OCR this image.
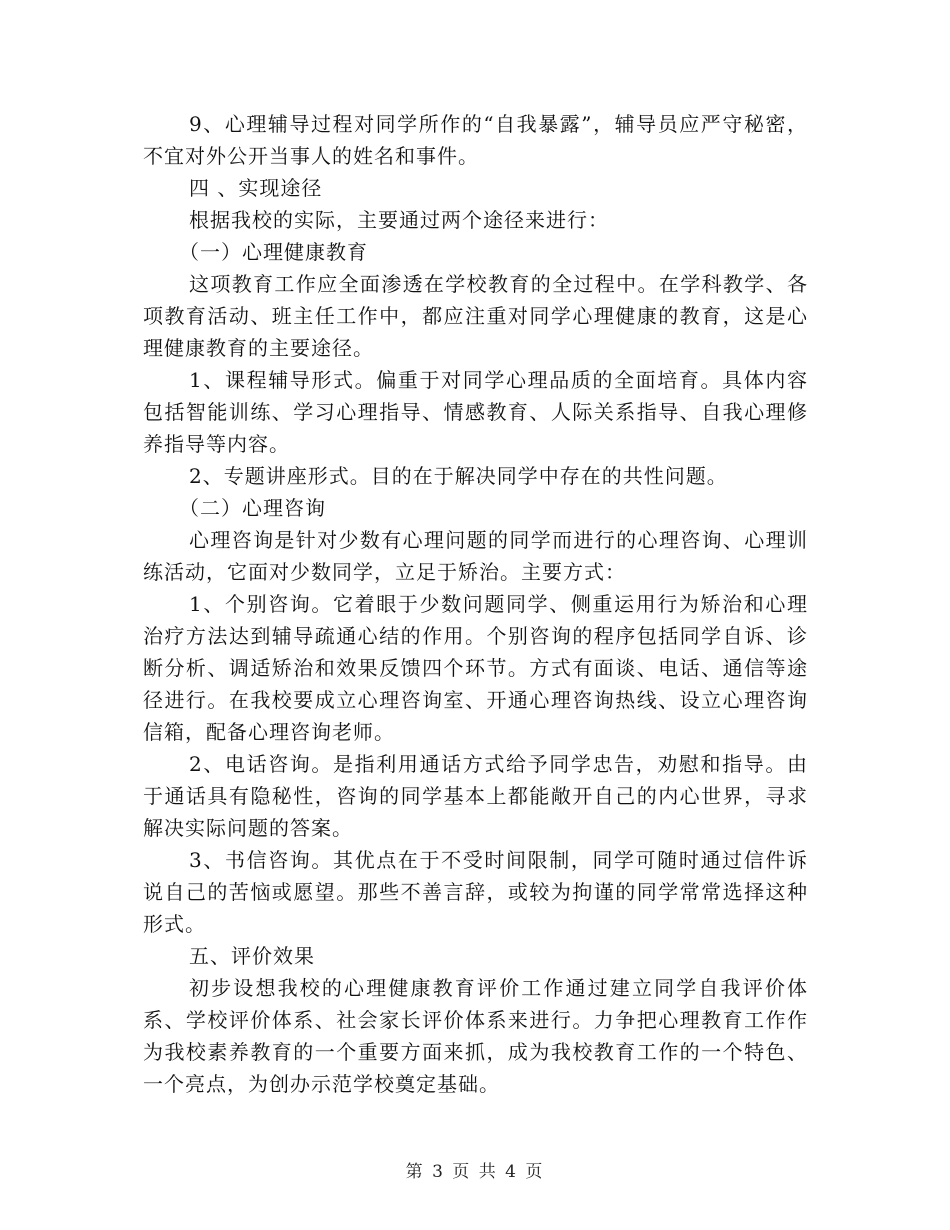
9、心理辅导过程对同学所作的“自我暴露”，辅导员应严守秘密，不宜对外公开当事人的姓名和事件。

四 、实现途径

根据我校的实际，主要通过两个途径来进行：

（一）心理健康教育

这项教育工作应全面渗透在学校教育的全过程中。在学科教学、各项教育活动、班主任工作中，都应注重对同学心理健康的教育，这是心理健康教育的主要途径。

1、课程辅导形式。偏重于对同学心理品质的全面培育。具体内容包括智能训练、学习心理指导、情感教育、人际关系指导、自我心理修养指导等内容。

2、专题讲座形式。目的在于解决同学中存在的共性问题。

（二）心理咨询

心理咨询是针对少数有心理问题的同学而进行的心理咨询、心理训练活动，它面对少数同学，立足于矫治。主要方式：

1、个别咨询。它着眼于少数问题同学、侧重运用行为矫治和心理治疗方法达到辅导疏通心结的作用。个别咨询的程序包括同学自诉、诊断分析、调适矫治和效果反馈四个环节。方式有面谈、电话、通信等途径进行。在我校要成立心理咨询室、开通心理咨询热线、设立心理咨询信箱，配备心理咨询老师。

2、电话咨询。是指利用通话方式给予同学忠告，劝慰和指导。由于通话具有隐秘性，咨询的同学基本上都能敞开自己的内心世界，寻求解决实际问题的答案。

3、书信咨询。其优点在于不受时间限制，同学可随时通过信件诉说自己的苦恼或愿望。那些不善言辞，或较为拘谨的同学常常选择这种形式。

五、评价效果

初步设想我校的心理健康教育评价工作通过建立同学自我评价体系、学校评价体系、社会家长评价体系来进行。力争把心理教育工作作为我校素养教育的一个重要方面来抓，成为我校教育工作的一个特色、一个亮点，为创办示范学校奠定基础。

第 3 页 共 4 页
